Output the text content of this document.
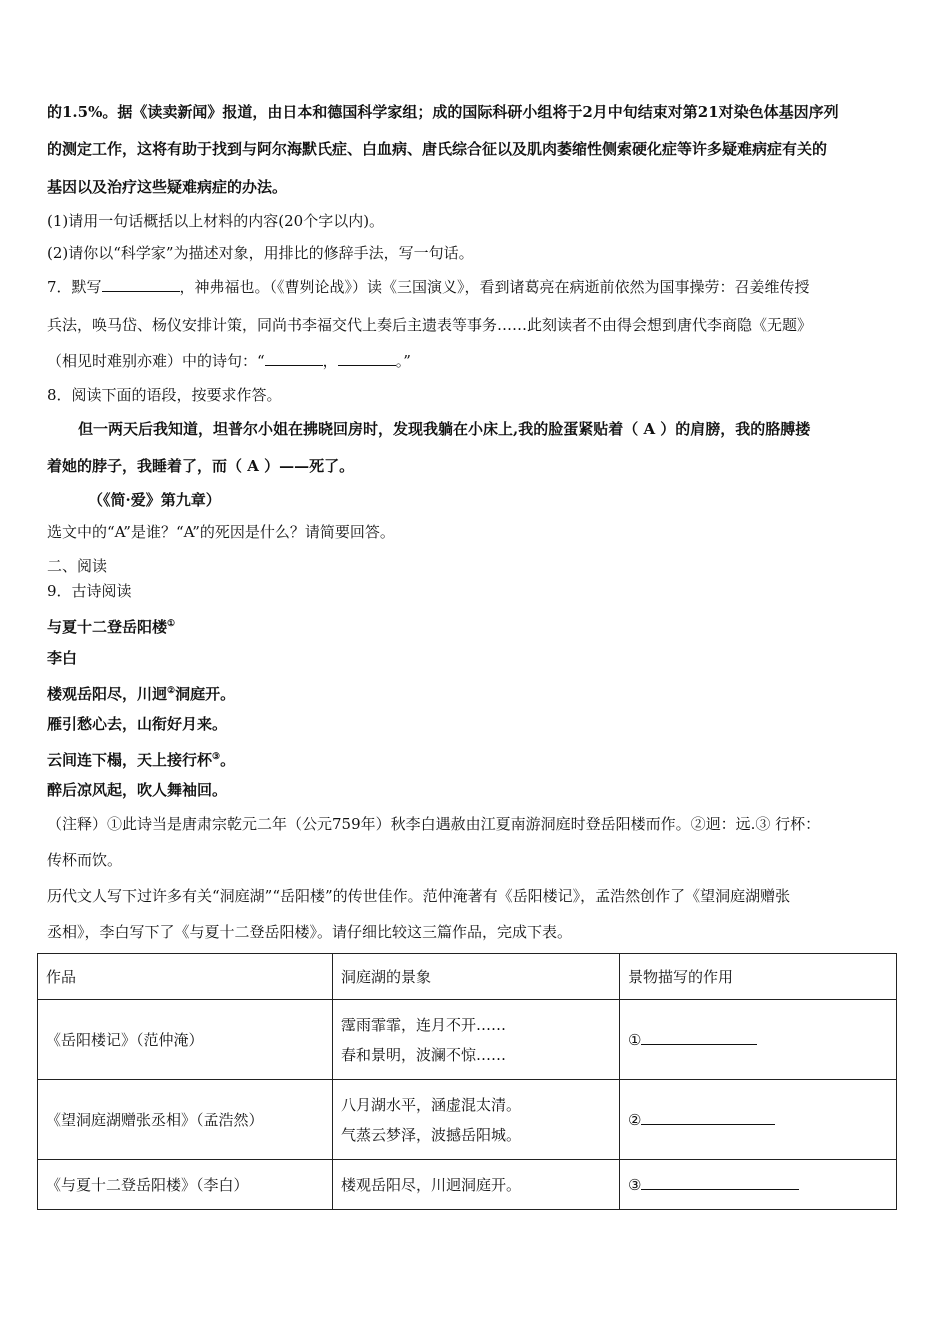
的1.5%。据《读卖新闻》报道，由日本和德国科学家组；成的国际科研小组将于2月中旬结束对第21对染色体基因序列
的测定工作，这将有助于找到与阿尔海默氏症、白血病、唐氏综合征以及肌肉萎缩性侧索硬化症等许多疑难病症有关的
基因以及治疗这些疑难病症的办法。
(1)请用一句话概括以上材料的内容(20个字以内)。
(2)请你以“科学家”为描述对象，用排比的修辞手法，写一句话。
7．默写	，神弗福也。（《曹刿论战》）读《三国演义》，看到诸葛亮在病逝前依然为国事操劳：召姜维传授
兵法，唤马岱、杨仪安排计策，同尚书李福交代上奏后主遗表等事务……此刻读者不由得会想到唐代李商隐《无题》
（相见时难别亦难）中的诗句：“	，	。”
8．阅读下面的语段，按要求作答。
但一两天后我知道，坦普尔小姐在拂晓回房时，发现我躺在小床上,我的脸蛋紧贴着（ A ）的肩膀，我的胳膊搂
着她的脖子，我睡着了，而（ A ）——死了。
（《简·爱》第九章）
选文中的“A”是谁？“A”的死因是什么？请简要回答。
二、阅读
9．古诗阅读
与夏十二登岳阳楼①
李白
楼观岳阳尽，川迥②洞庭开。
雁引愁心去，山衔好月来。
云间连下榻，天上接行杯③。
醉后凉风起，吹人舞袖回。
（注释）①此诗当是唐肃宗乾元二年（公元759年）秋李白遇赦由江夏南游洞庭时登岳阳楼而作。②迥：远.③ 行杯：
传杯而饮。
历代文人写下过许多有关“洞庭湖”“岳阳楼”的传世佳作。范仲淹著有《岳阳楼记》，孟浩然创作了《望洞庭湖赠张
丞相》，李白写下了《与夏十二登岳阳楼》。请仔细比较这三篇作品，完成下表。
作品	洞庭湖的景象	景物描写的作用
《岳阳楼记》（范仲淹）	霪雨霏霏，连月不开……
春和景明，波澜不惊……	①
《望洞庭湖赠张丞相》（孟浩然）	八月湖水平，涵虚混太清。
气蒸云梦泽，波撼岳阳城。	②
《与夏十二登岳阳楼》（李白）	楼观岳阳尽，川迥洞庭开。	③
